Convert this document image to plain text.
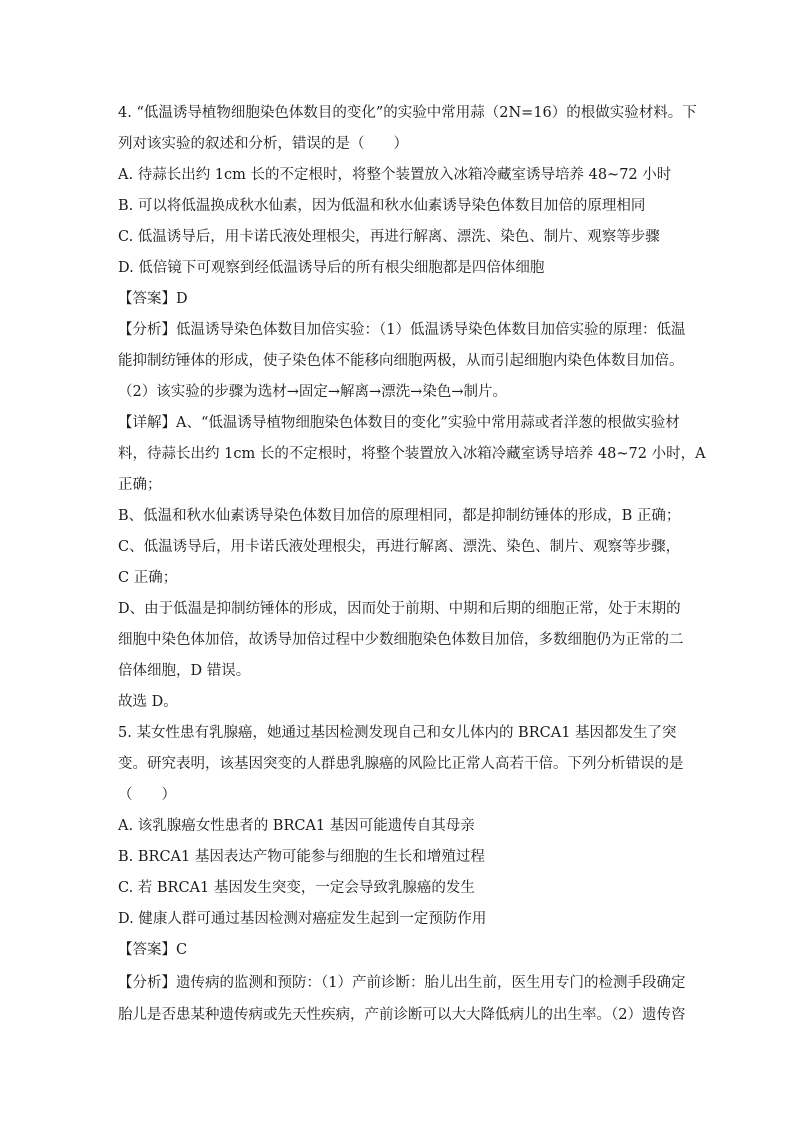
4. “低温诱导植物细胞染色体数目的变化”的实验中常用蒜（2N=16）的根做实验材料。下
列对该实验的叙述和分析，错误的是（　　）
A. 待蒜长出约 1cm 长的不定根时，将整个装置放入冰箱冷藏室诱导培养 48~72 小时
B. 可以将低温换成秋水仙素，因为低温和秋水仙素诱导染色体数目加倍的原理相同
C. 低温诱导后，用卡诺氏液处理根尖，再进行解离、漂洗、染色、制片、观察等步骤
D. 低倍镜下可观察到经低温诱导后的所有根尖细胞都是四倍体细胞
【答案】D
【分析】低温诱导染色体数目加倍实验：（1）低温诱导染色体数目加倍实验的原理：低温
能抑制纺锤体的形成，使子染色体不能移向细胞两极，从而引起细胞内染色体数目加倍。
（2）该实验的步骤为选材→固定→解离→漂洗→染色→制片。
【详解】A、“低温诱导植物细胞染色体数目的变化”实验中常用蒜或者洋葱的根做实验材
料，待蒜长出约 1cm 长的不定根时，将整个装置放入冰箱冷藏室诱导培养 48~72 小时，A
正确；
B、低温和秋水仙素诱导染色体数目加倍的原理相同，都是抑制纺锤体的形成，B 正确；
C、低温诱导后，用卡诺氏液处理根尖，再进行解离、漂洗、染色、制片、观察等步骤，
C 正确；
D、由于低温是抑制纺锤体的形成，因而处于前期、中期和后期的细胞正常，处于末期的
细胞中染色体加倍，故诱导加倍过程中少数细胞染色体数目加倍，多数细胞仍为正常的二
倍体细胞，D 错误。
故选 D。
5. 某女性患有乳腺癌，她通过基因检测发现自己和女儿体内的 BRCA1 基因都发生了突
变。研究表明，该基因突变的人群患乳腺癌的风险比正常人高若干倍。下列分析错误的是
（　　）
A. 该乳腺癌女性患者的 BRCA1 基因可能遗传自其母亲
B. BRCA1 基因表达产物可能参与细胞的生长和增殖过程
C. 若 BRCA1 基因发生突变，一定会导致乳腺癌的发生
D. 健康人群可通过基因检测对癌症发生起到一定预防作用
【答案】C
【分析】遗传病的监测和预防：（1）产前诊断：胎儿出生前，医生用专门的检测手段确定
胎儿是否患某种遗传病或先天性疾病，产前诊断可以大大降低病儿的出生率。（2）遗传咨
